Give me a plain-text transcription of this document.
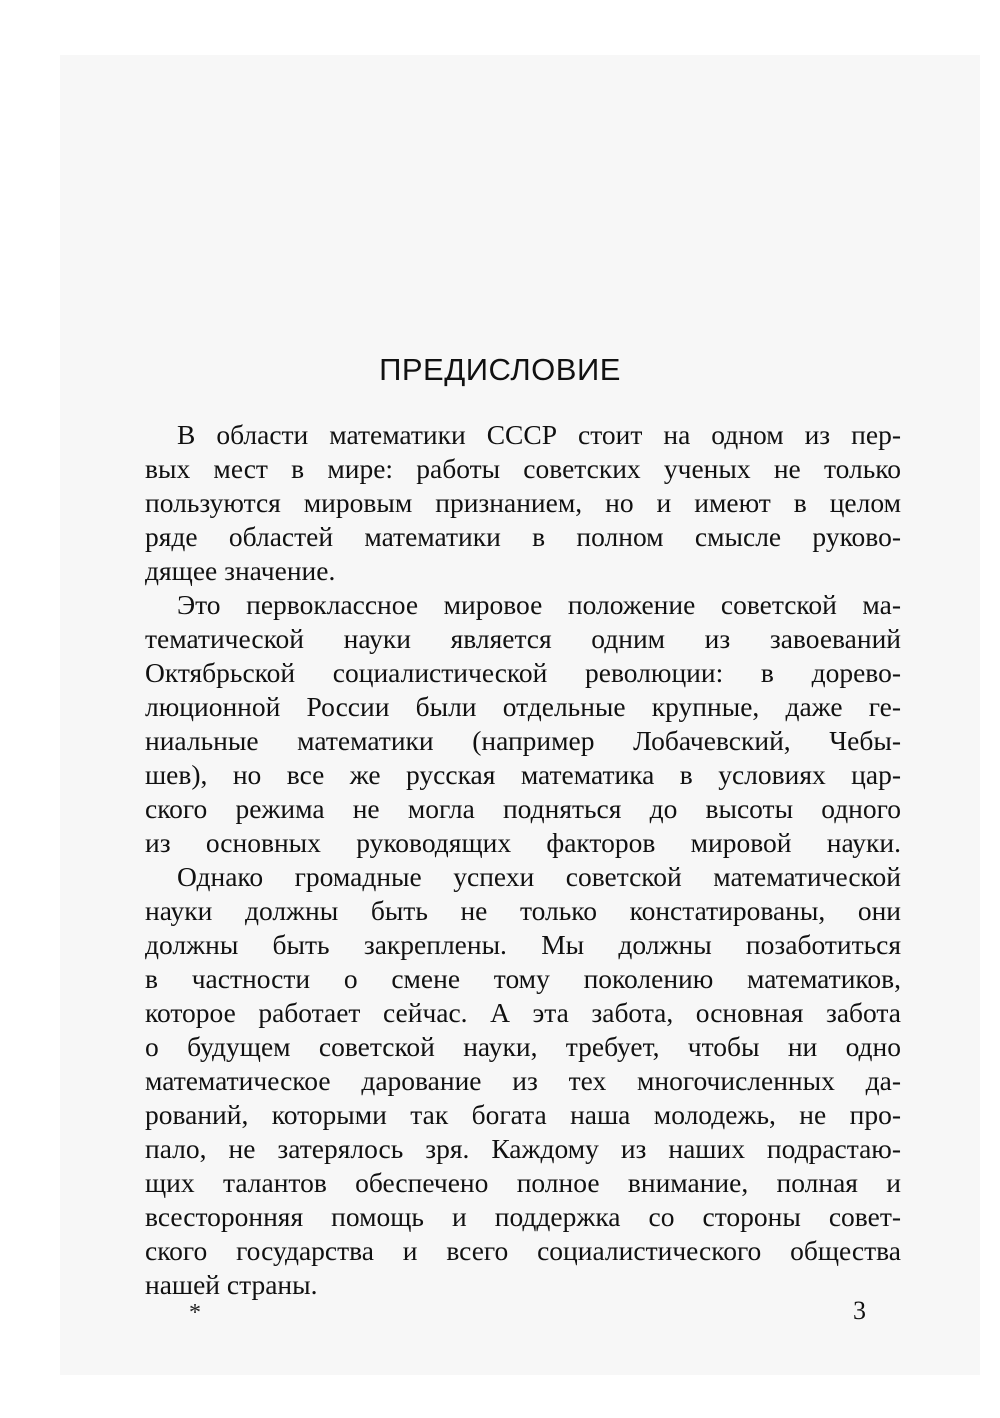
ПРЕДИСЛОВИЕ
В области математики СССР стоит на одном из пер-
вых мест в мире: работы советских ученых не только
пользуются мировым признанием, но и имеют в целом
ряде областей математики в полном смысле руково-
дящее значение.
Это первоклассное мировое положение советской ма-
тематической науки является одним из завоеваний
Октябрьской социалистической революции: в дорево-
люционной России были отдельные крупные, даже ге-
ниальные математики (например Лобачевский, Чебы-
шев), но все же русская математика в условиях цар-
ского режима не могла подняться до высоты одного
из основных руководящих факторов мировой науки.
Однако громадные успехи советской математической
науки должны быть не только констатированы, они
должны быть закреплены. Мы должны позаботиться
в частности о смене тому поколению математиков,
которое работает сейчас. А эта забота, основная забота
о будущем советской науки, требует, чтобы ни одно
математическое дарование из тех многочисленных да-
рований, которыми так богата наша молодежь, не про-
пало, не затерялось зря. Каждому из наших подрастаю-
щих талантов обеспечено полное внимание, полная и
всесторонняя помощь и поддержка со стороны совет-
ского государства и всего социалистического общества
нашей страны.
*	3
